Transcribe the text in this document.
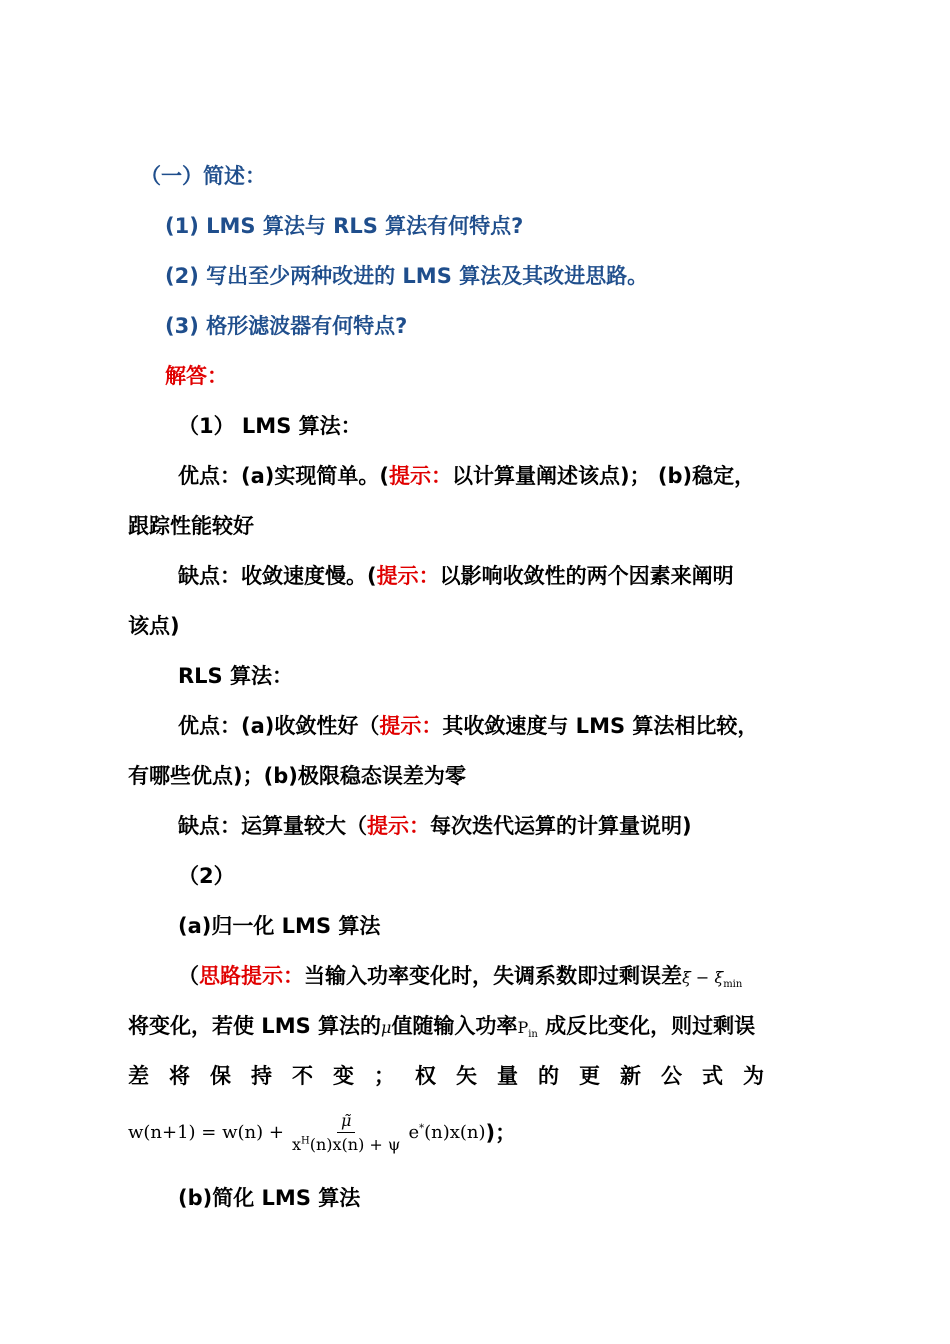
（一）简述：
(1) LMS 算法与 RLS 算法有何特点?
(2) 写出至少两种改进的 LMS 算法及其改进思路。
(3) 格形滤波器有何特点?
解答：
（1） LMS 算法：
优点：(a)实现简单。(提示：以计算量阐述该点)； (b)稳定，
跟踪性能较好
缺点：收敛速度慢。(提示：以影响收敛性的两个因素来阐明
该点)
RLS 算法：
优点：(a)收敛性好（提示：其收敛速度与 LMS 算法相比较，
有哪些优点)；(b)极限稳态误差为零
缺点：运算量较大（提示：每次迭代运算的计算量说明)
（2）
(a)归一化 LMS 算法
（思路提示：当输入功率变化时，失调系数即过剩误差$\xi - \xi_{min}$
将变化，若使 LMS 算法的μ值随输入功率$P_{in}$ 成反比变化，则过剩误
差将保持不变；权矢量的更新公式为
$w(n+1) = w(n) + \frac{\mũ}{x^H(n)x(n) + \psi} e^*(n)x(n)$ )；
(b)简化 LMS 算法
